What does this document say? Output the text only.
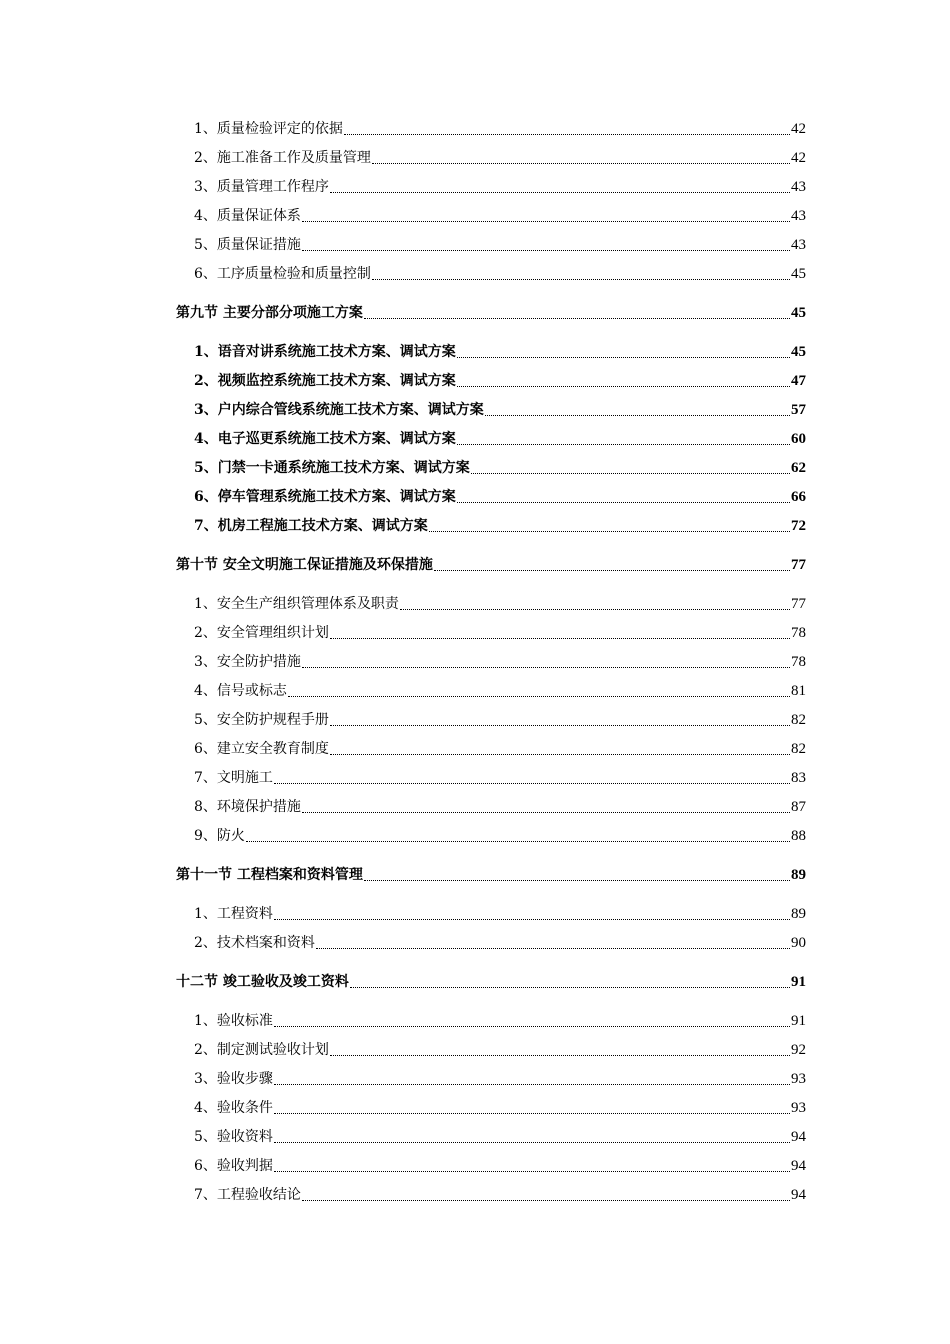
1、质量检验评定的依据	42
2、施工准备工作及质量管理	42
3、质量管理工作程序	43
4、质量保证体系	43
5、质量保证措施	43
6、工序质量检验和质量控制	45
第九节 主要分部分项施工方案	45
1、语音对讲系统施工技术方案、调试方案	45
2、视频监控系统施工技术方案、调试方案	47
3、户内综合管线系统施工技术方案、调试方案	57
4、电子巡更系统施工技术方案、调试方案	60
5、门禁一卡通系统施工技术方案、调试方案	62
6、停车管理系统施工技术方案、调试方案	66
7、机房工程施工技术方案、调试方案	72
第十节 安全文明施工保证措施及环保措施	77
1、安全生产组织管理体系及职责	77
2、安全管理组织计划	78
3、安全防护措施	78
4、信号或标志	81
5、安全防护规程手册	82
6、建立安全教育制度	82
7、文明施工	83
8、环境保护措施	87
9、防火	88
第十一节 工程档案和资料管理	89
1、工程资料	89
2、技术档案和资料	90
十二节 竣工验收及竣工资料	91
1、验收标准	91
2、制定测试验收计划	92
3、验收步骤	93
4、验收条件	93
5、验收资料	94
6、验收判据	94
7、工程验收结论	94
